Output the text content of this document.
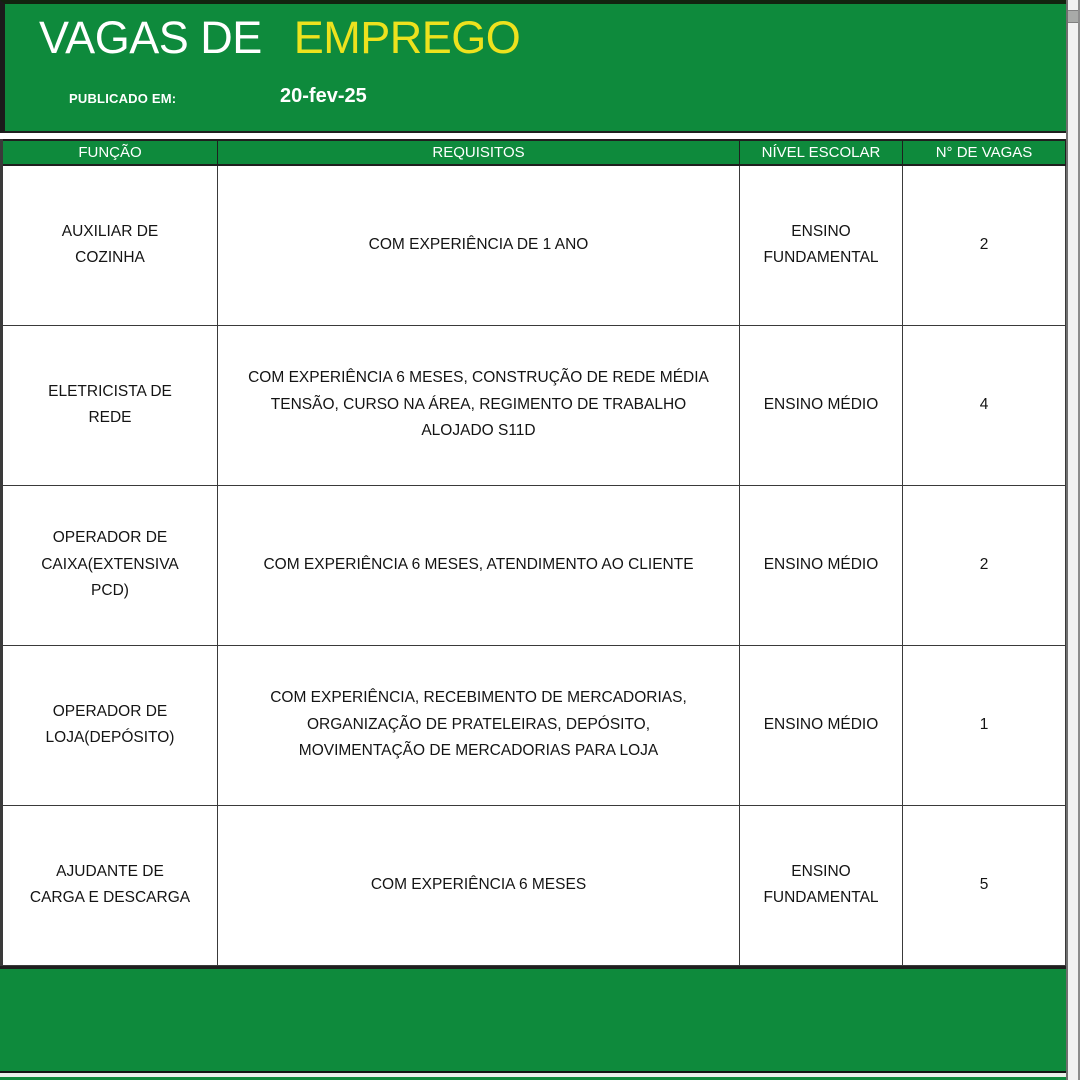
VAGAS DE EMPREGO
PUBLICADO EM:	20-fev-25
FUNÇÃO	REQUISITOS	NÍVEL ESCOLAR	N° DE VAGAS
AUXILIAR DE COZINHA	COM EXPERIÊNCIA DE 1 ANO	ENSINO FUNDAMENTAL	2
ELETRICISTA DE REDE	COM EXPERIÊNCIA 6 MESES, CONSTRUÇÃO DE REDE MÉDIA TENSÃO, CURSO NA ÁREA, REGIMENTO DE TRABALHO ALOJADO S11D	ENSINO MÉDIO	4
OPERADOR DE CAIXA(EXTENSIVA PCD)	COM EXPERIÊNCIA 6 MESES, ATENDIMENTO AO CLIENTE	ENSINO MÉDIO	2
OPERADOR DE LOJA(DEPÓSITO)	COM EXPERIÊNCIA, RECEBIMENTO DE MERCADORIAS, ORGANIZAÇÃO DE PRATELEIRAS, DEPÓSITO, MOVIMENTAÇÃO DE MERCADORIAS PARA LOJA	ENSINO MÉDIO	1
AJUDANTE DE CARGA E DESCARGA	COM EXPERIÊNCIA 6 MESES	ENSINO FUNDAMENTAL	5
